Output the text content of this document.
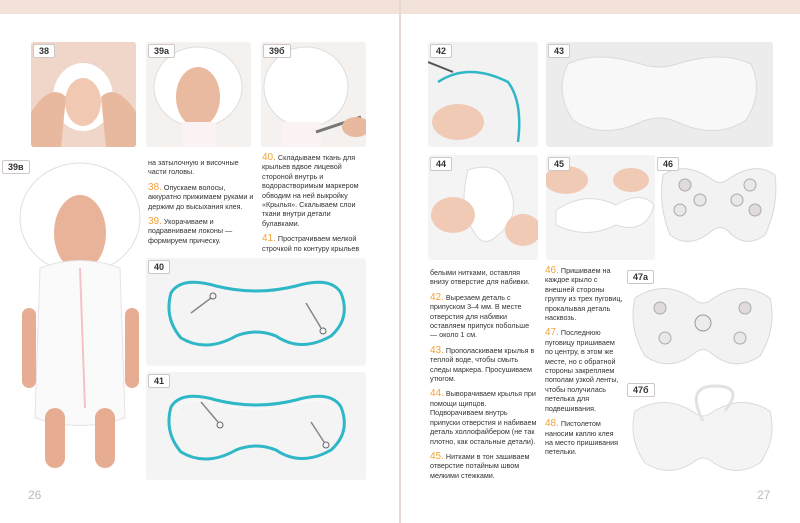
38	39а	39б
39в	на затылочную и височные части головы.

38. Опускаем волосы, аккуратно прижимаем руками и держим до высыхания клея.

39. Укорачиваем и подравниваем локоны — формируем прическу.

40. Складываем ткань для крыльев вдвое лицевой стороной внутрь и водорастворимым маркером обводим на ней выкройку «Крылья». Скалываем слои ткани внутри детали булавками.

41. Прострачиваем мелкой строчкой по контуру крыльев

40
41
26
42	43
44	45	46
47а
47б

белыми нитками, оставляя внизу отверстие для набивки.

42. Вырезаем деталь с припуском 3–4 мм. В месте отверстия для набивки оставляем припуск побольше — около 1 см.

43. Прополаскиваем крылья в теплой воде, чтобы смыть следы маркера. Просушиваем утюгом.

44. Выворачиваем крылья при помощи щипцов. Подворачиваем внутрь припуски отверстия и набиваем деталь холлофайбером (не так плотно, как остальные детали).

45. Нитками в тон зашиваем отверстие потайным швом мелкими стежками.

46. Пришиваем на каждое крыло с внешней стороны группу из трех пуговиц, прокалывая деталь насквозь.

47. Последнюю пуговицу пришиваем по центру, в этом же месте, но с обратной стороны закрепляем пополам узкой ленты, чтобы получилась петелька для подвешивания.

48. Пистолетом наносим каплю клея на место пришивания петельки.

27
